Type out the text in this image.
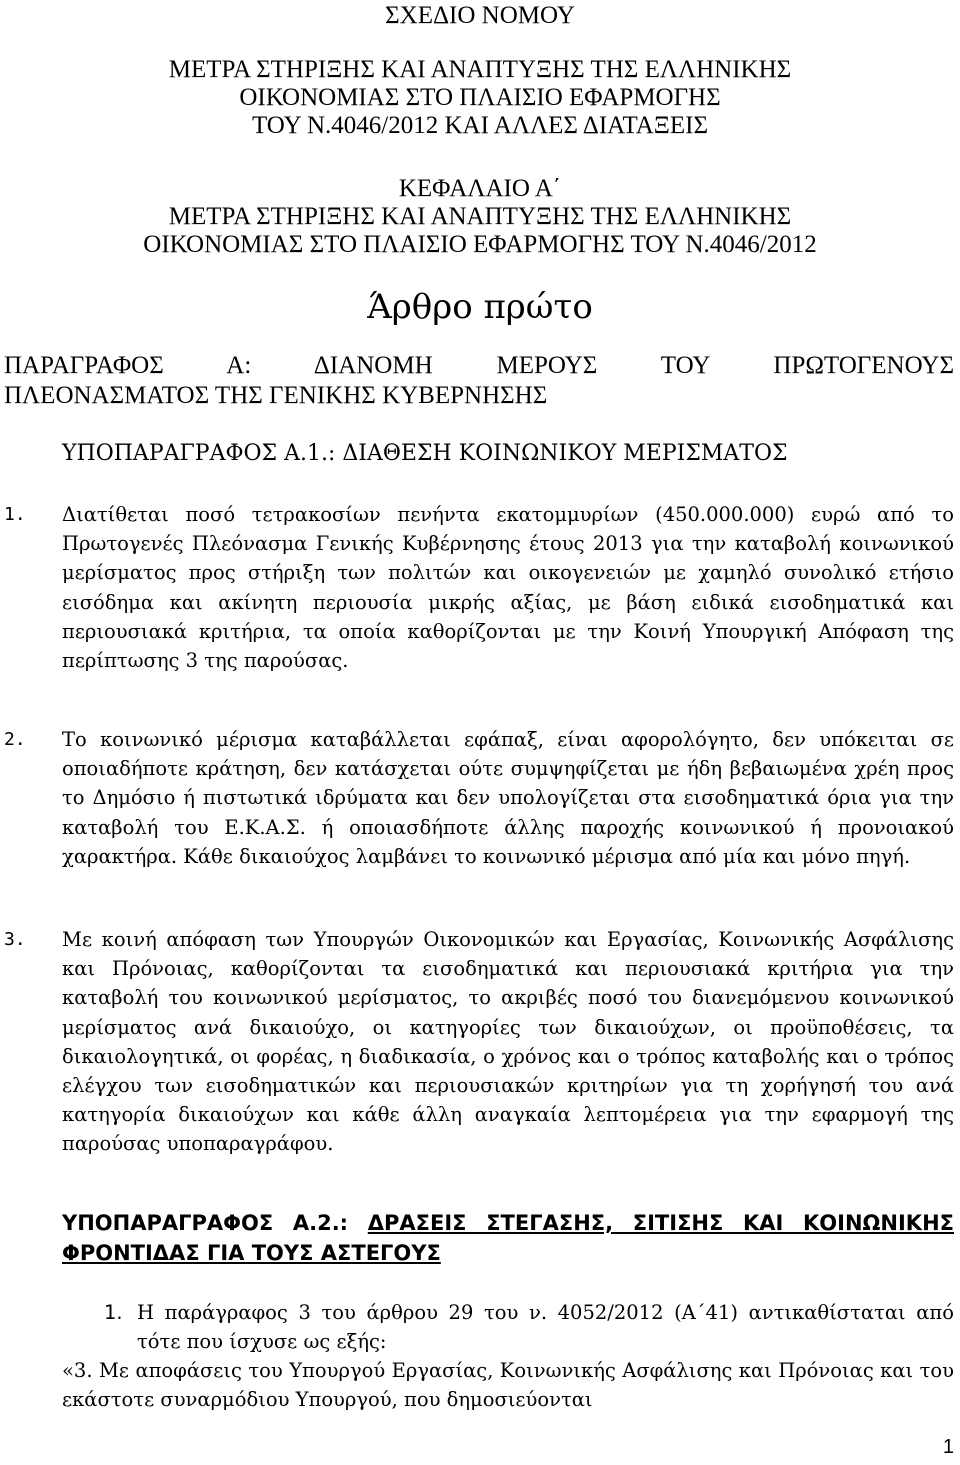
ΣΧΕΔΙΟ ΝΟΜΟΥ
ΜΕΤΡΑ ΣΤΗΡΙΞΗΣ ΚΑΙ ΑΝΑΠΤΥΞΗΣ ΤΗΣ ΕΛΛΗΝΙΚΗΣ
ΟΙΚΟΝΟΜΙΑΣ ΣΤΟ ΠΛΑΙΣΙΟ ΕΦΑΡΜΟΓΗΣ
ΤΟΥ Ν.4046/2012 ΚΑΙ ΑΛΛΕΣ ΔΙΑΤΑΞΕΙΣ
ΚΕΦΑΛΑΙΟ Α΄
ΜΕΤΡΑ ΣΤΗΡΙΞΗΣ ΚΑΙ ΑΝΑΠΤΥΞΗΣ ΤΗΣ ΕΛΛΗΝΙΚΗΣ
ΟΙΚΟΝΟΜΙΑΣ ΣΤΟ ΠΛΑΙΣΙΟ ΕΦΑΡΜΟΓΗΣ ΤΟΥ Ν.4046/2012
Άρθρο πρώτο
ΠΑΡΑΓΡΑΦΟΣ Α: ΔΙΑΝΟΜΗ ΜΕΡΟΥΣ ΤΟΥ ΠΡΩΤΟΓΕΝΟΥΣ
ΠΛΕΟΝΑΣΜΑΤΟΣ ΤΗΣ ΓΕΝΙΚΗΣ ΚΥΒΕΡΝΗΣΗΣ
ΥΠΟΠΑΡΑΓΡΑΦΟΣ Α.1.: ΔΙΑΘΕΣΗ ΚΟΙΝΩΝΙΚΟΥ ΜΕΡΙΣΜΑΤΟΣ
1. Διατίθεται ποσό τετρακοσίων πενήντα εκατομμυρίων (450.000.000) ευρώ από το Πρωτογενές Πλεόνασμα Γενικής Κυβέρνησης έτους 2013 για την καταβολή κοινωνικού μερίσματος προς στήριξη των πολιτών και οικογενειών με χαμηλό συνολικό ετήσιο εισόδημα και ακίνητη περιουσία μικρής αξίας, με βάση ειδικά εισοδηματικά και περιουσιακά κριτήρια, τα οποία καθορίζονται με την Κοινή Υπουργική Απόφαση της περίπτωσης 3 της παρούσας.

2. Το κοινωνικό μέρισμα καταβάλλεται εφάπαξ, είναι αφορολόγητο, δεν υπόκειται σε οποιαδήποτε κράτηση, δεν κατάσχεται ούτε συμψηφίζεται με ήδη βεβαιωμένα χρέη προς το Δημόσιο ή πιστωτικά ιδρύματα και δεν υπολογίζεται στα εισοδηματικά όρια για την καταβολή του Ε.Κ.Α.Σ. ή οποιασδήποτε άλλης παροχής κοινωνικού ή προνοιακού χαρακτήρα. Κάθε δικαιούχος λαμβάνει το κοινωνικό μέρισμα από μία και μόνο πηγή.

3. Με κοινή απόφαση των Υπουργών Οικονομικών και Εργασίας, Κοινωνικής Ασφάλισης και Πρόνοιας, καθορίζονται τα εισοδηματικά και περιουσιακά κριτήρια για την καταβολή του κοινωνικού μερίσματος, το ακριβές ποσό του διανεμόμενου κοινωνικού μερίσματος ανά δικαιούχο, οι κατηγορίες των δικαιούχων, οι προϋποθέσεις, τα δικαιολογητικά, οι φορέας, η διαδικασία, ο χρόνος και ο τρόπος καταβολής και ο τρόπος ελέγχου των εισοδηματικών και περιουσιακών κριτηρίων για τη χορήγησή του ανά κατηγορία δικαιούχων και κάθε άλλη αναγκαία λεπτομέρεια για την εφαρμογή της παρούσας υποπαραγράφου.

ΥΠΟΠΑΡΑΓΡΑΦΟΣ Α.2.: ΔΡΑΣΕΙΣ ΣΤΕΓΑΣΗΣ, ΣΙΤΙΣΗΣ ΚΑΙ ΚΟΙΝΩΝΙΚΗΣ ΦΡΟΝΤΙΔΑΣ ΓΙΑ ΤΟΥΣ ΑΣΤΕΓΟΥΣ
1. Η παράγραφος 3 του άρθρου 29 του ν. 4052/2012 (Α΄41) αντικαθίσταται από τότε που ίσχυσε ως εξής:
«3. Με αποφάσεις του Υπουργού Εργασίας, Κοινωνικής Ασφάλισης και Πρόνοιας και του εκάστοτε συναρμόδιου Υπουργού, που δημοσιεύονται
1
